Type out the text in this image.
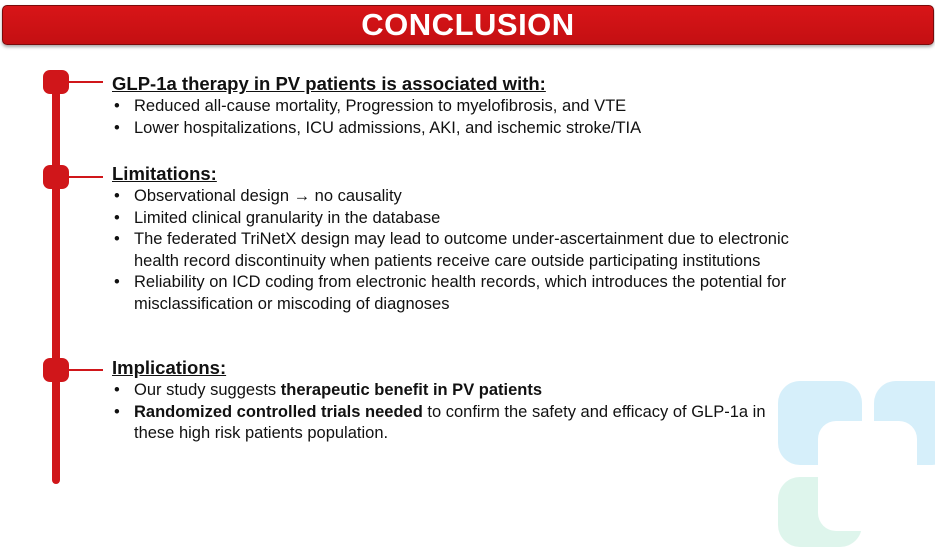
CONCLUSION
GLP-1a therapy in PV patients is associated with:
• Reduced all-cause mortality, Progression to myelofibrosis, and VTE
• Lower hospitalizations, ICU admissions, AKI, and ischemic stroke/TIA
Limitations:
• Observational design → no causality
• Limited clinical granularity in the database
• The federated TriNetX design may lead to outcome under-ascertainment due to electronic health record discontinuity when patients receive care outside participating institutions
• Reliability on ICD coding from electronic health records, which introduces the potential for misclassification or miscoding of diagnoses
Implications:
• Our study suggests therapeutic benefit in PV patients
• Randomized controlled trials needed to confirm the safety and efficacy of GLP-1a in these high risk patients population.
